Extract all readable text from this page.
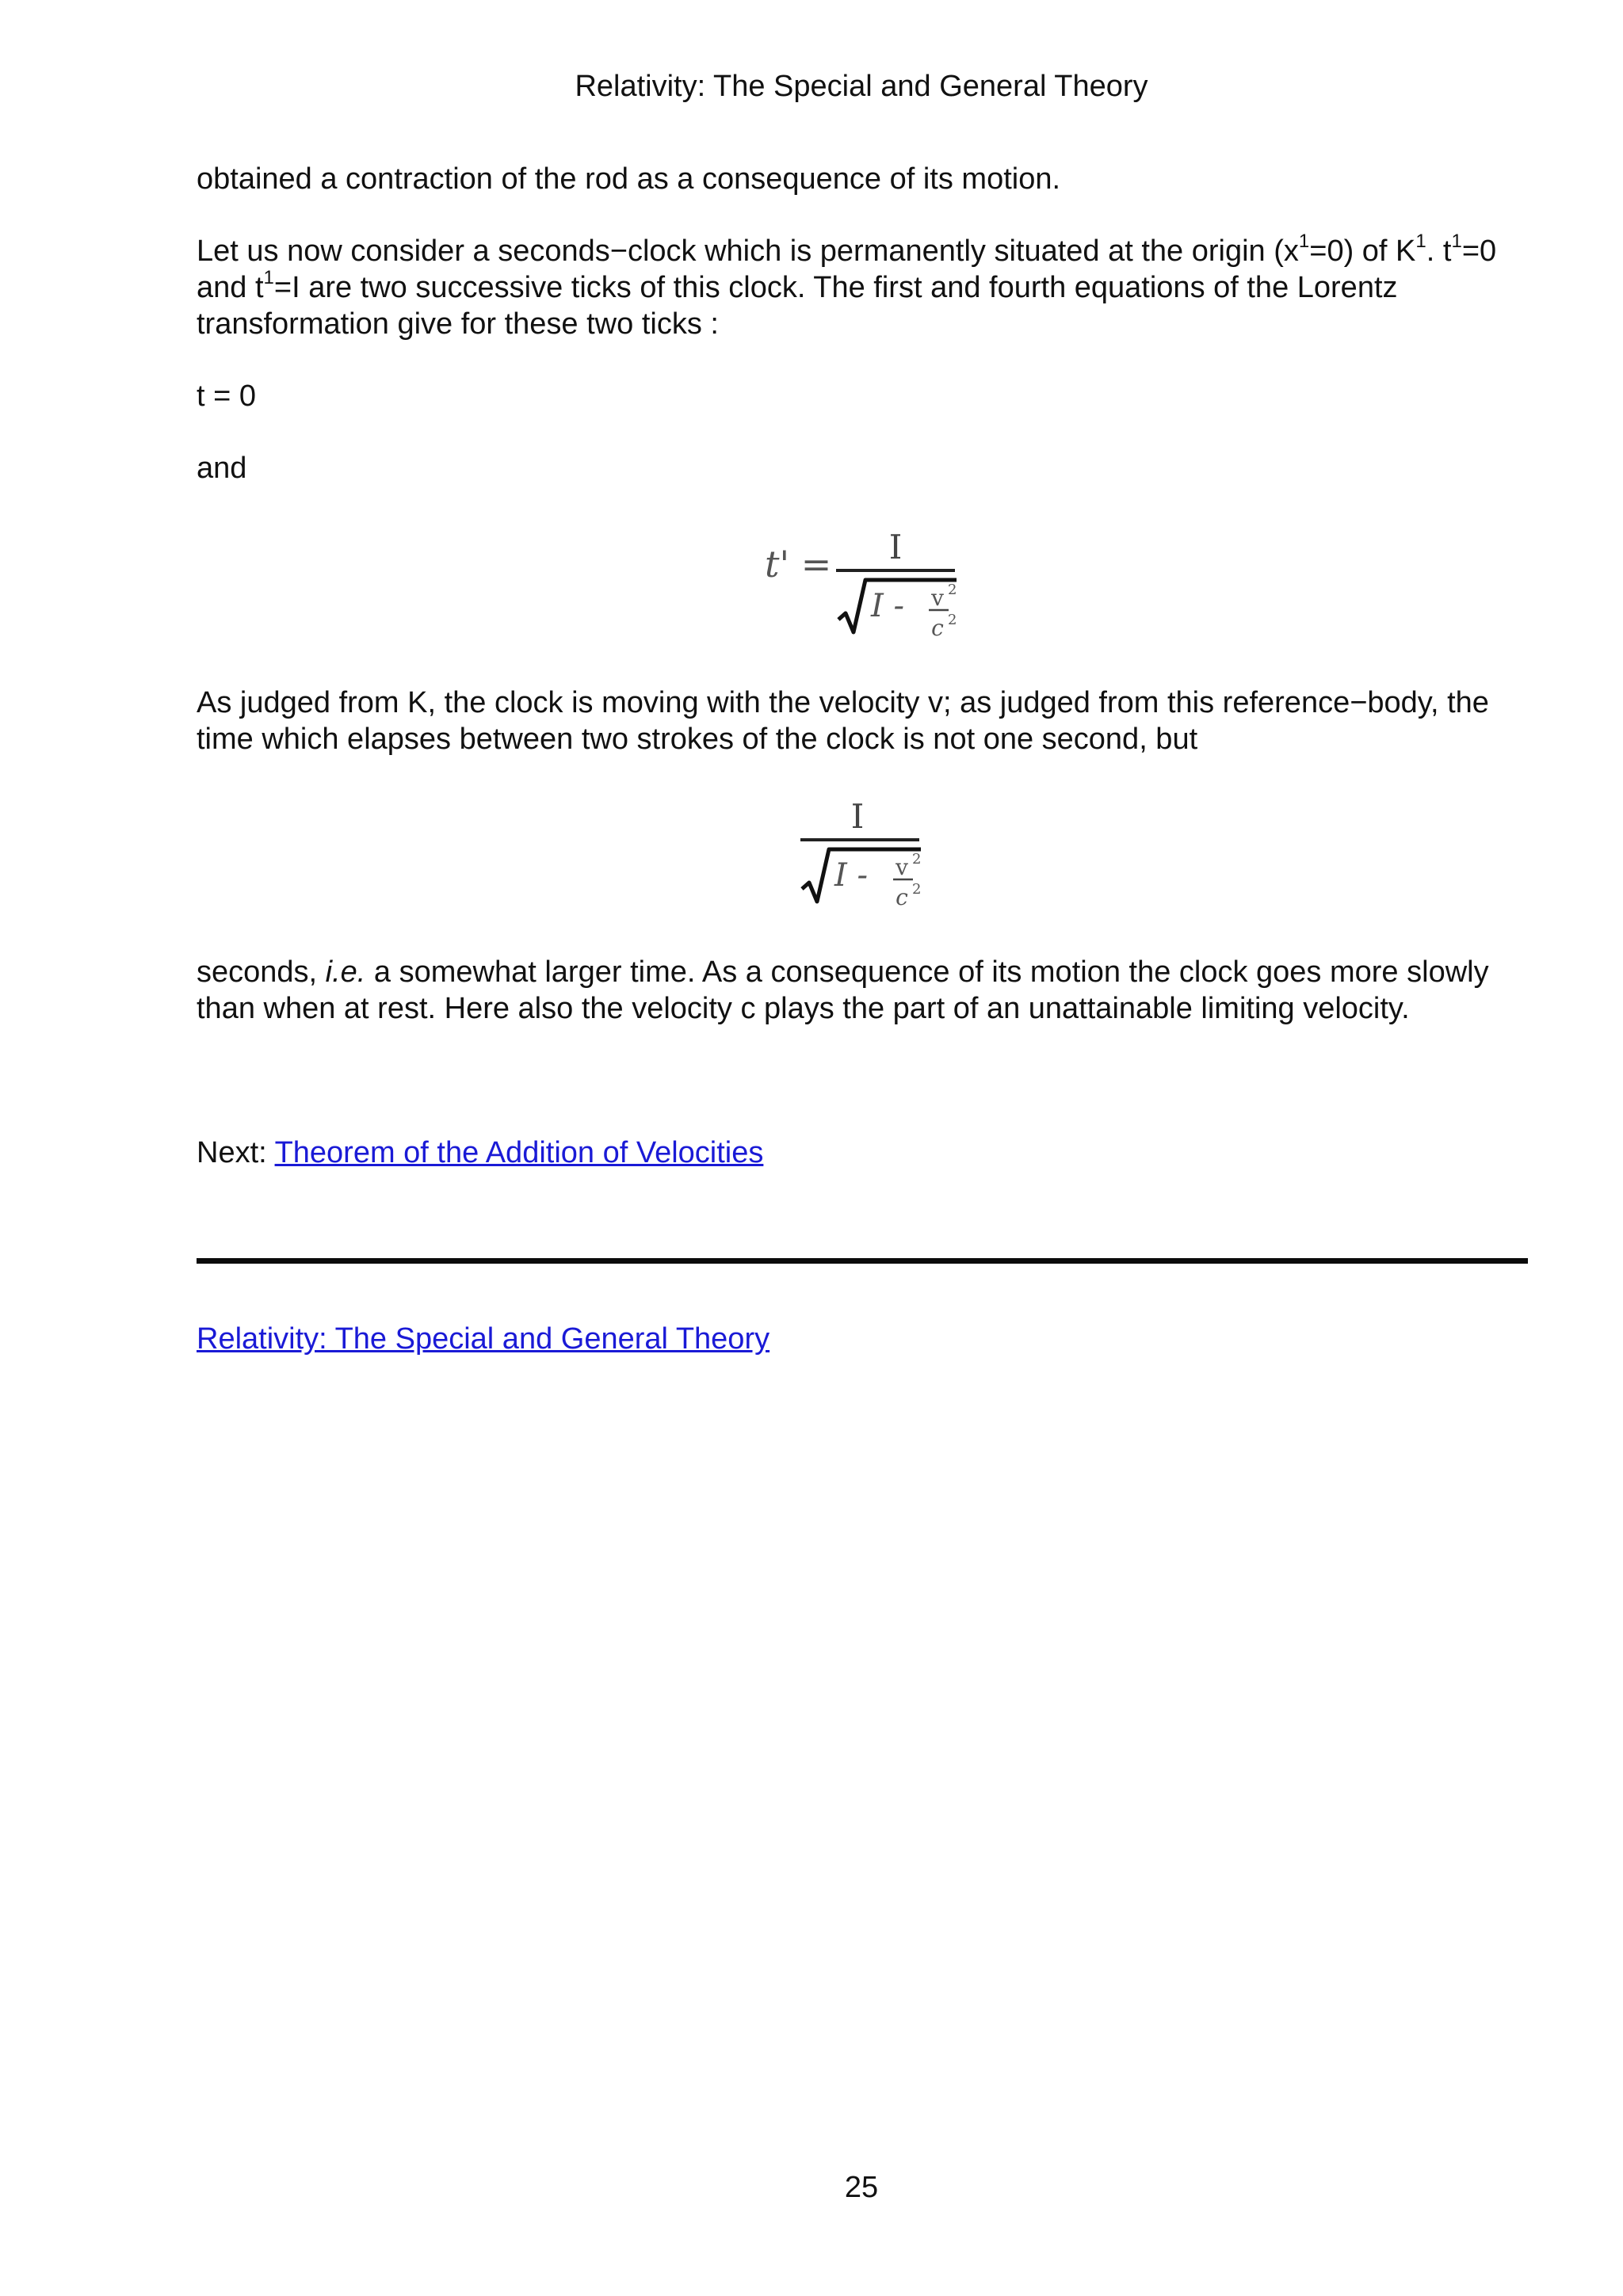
Relativity: The Special and General Theory
obtained a contraction of the rod as a consequence of its motion.
Let us now consider a seconds−clock which is permanently situated at the origin $(x^1=0)$ of $K^1$. $t^1=0$
and $t^1=I$ are two successive ticks of this clock. The first and fourth equations of the Lorentz
transformation give for these two ticks :
t = 0
and
t' = I
I - v 2
c 2
As judged from K, the clock is moving with the velocity v; as judged from this reference−body, the
time which elapses between two strokes of the clock is not one second, but
I
I - v 2
c 2
seconds, i.e. a somewhat larger time. As a consequence of its motion the clock goes more slowly
than when at rest. Here also the velocity c plays the part of an unattainable limiting velocity.
Next: Theorem of the Addition of Velocities
Relativity: The Special and General Theory
25
